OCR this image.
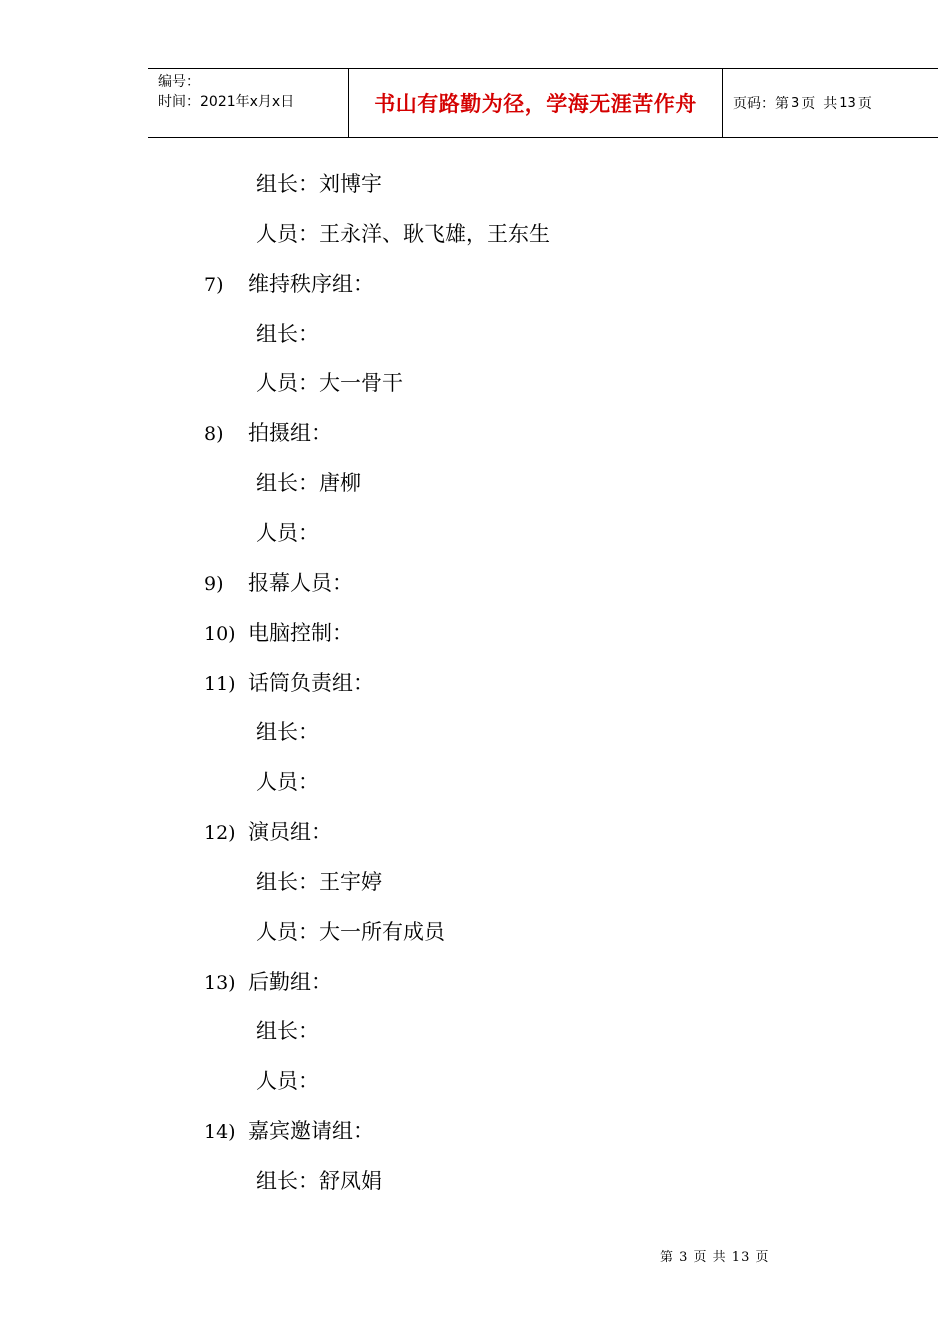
编号：
时间：2021年x月x日	书山有路勤为径，学海无涯苦作舟	页码：第 3 页 共 13 页
组长：刘博宇
人员：王永洋、耿飞雄，王东生
7) 维持秩序组：
组长：
人员：大一骨干
8) 拍摄组：
组长：唐柳
人员：
9) 报幕人员：
10) 电脑控制：
11) 话筒负责组：
组长：
人员：
12) 演员组：
组长：王宇婷
人员：大一所有成员
13) 后勤组：
组长：
人员：
14) 嘉宾邀请组：
组长：舒凤娟
第 3 页 共 13 页
